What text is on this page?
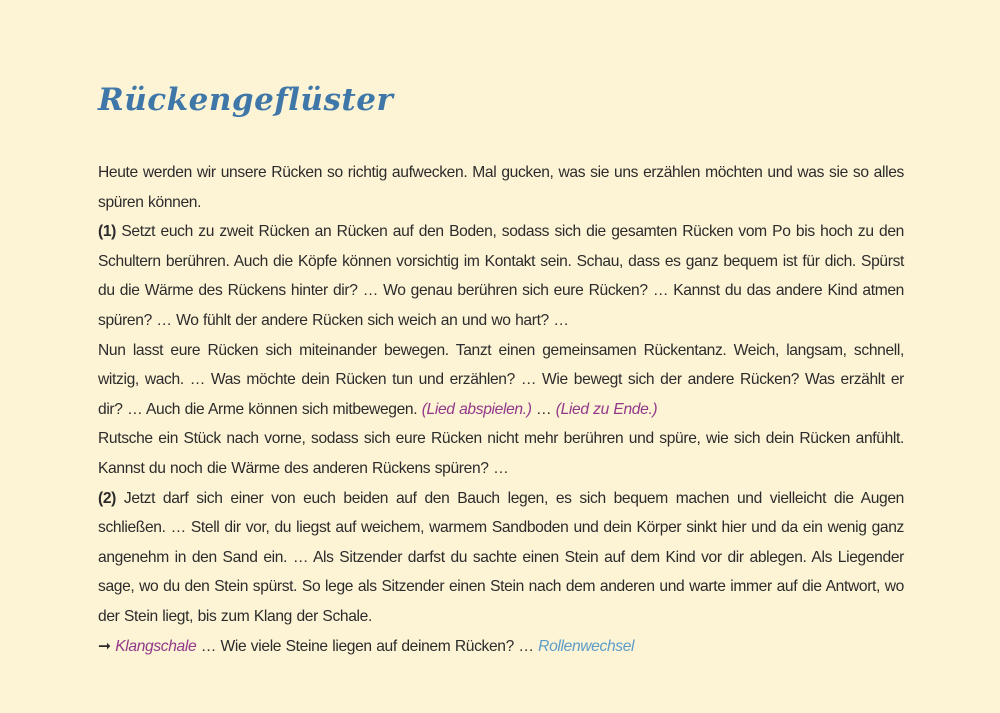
Rückengeflüster

Heute werden wir unsere Rücken so richtig aufwecken. Mal gucken, was sie uns erzählen möchten und was sie so alles spüren können.

(1) Setzt euch zu zweit Rücken an Rücken auf den Boden, sodass sich die gesamten Rücken vom Po bis hoch zu den Schultern berühren. Auch die Köpfe können vorsichtig im Kontakt sein. Schau, dass es ganz bequem ist für dich. Spürst du die Wärme des Rückens hinter dir? … Wo genau berühren sich eure Rücken? … Kannst du das andere Kind atmen spüren? … Wo fühlt der andere Rücken sich weich an und wo hart? …

Nun lasst eure Rücken sich miteinander bewegen. Tanzt einen gemeinsamen Rückentanz. Weich, langsam, schnell, witzig, wach. … Was möchte dein Rücken tun und erzählen? … Wie bewegt sich der andere Rücken? Was erzählt er dir? … Auch die Arme können sich mitbewegen. (Lied abspielen.) … (Lied zu Ende.)

Rutsche ein Stück nach vorne, sodass sich eure Rücken nicht mehr berühren und spüre, wie sich dein Rücken anfühlt. Kannst du noch die Wärme des anderen Rückens spüren? …

(2) Jetzt darf sich einer von euch beiden auf den Bauch legen, es sich bequem machen und vielleicht die Augen schließen. … Stell dir vor, du liegst auf weichem, warmem Sandboden und dein Körper sinkt hier und da ein wenig ganz angenehm in den Sand ein. … Als Sitzender darfst du sachte einen Stein auf dem Kind vor dir ablegen. Als Liegender sage, wo du den Stein spürst. So lege als Sitzender einen Stein nach dem anderen und warte immer auf die Antwort, wo der Stein liegt, bis zum Klang der Schale.

➞ Klangschale … Wie viele Steine liegen auf deinem Rücken? … Rollenwechsel
